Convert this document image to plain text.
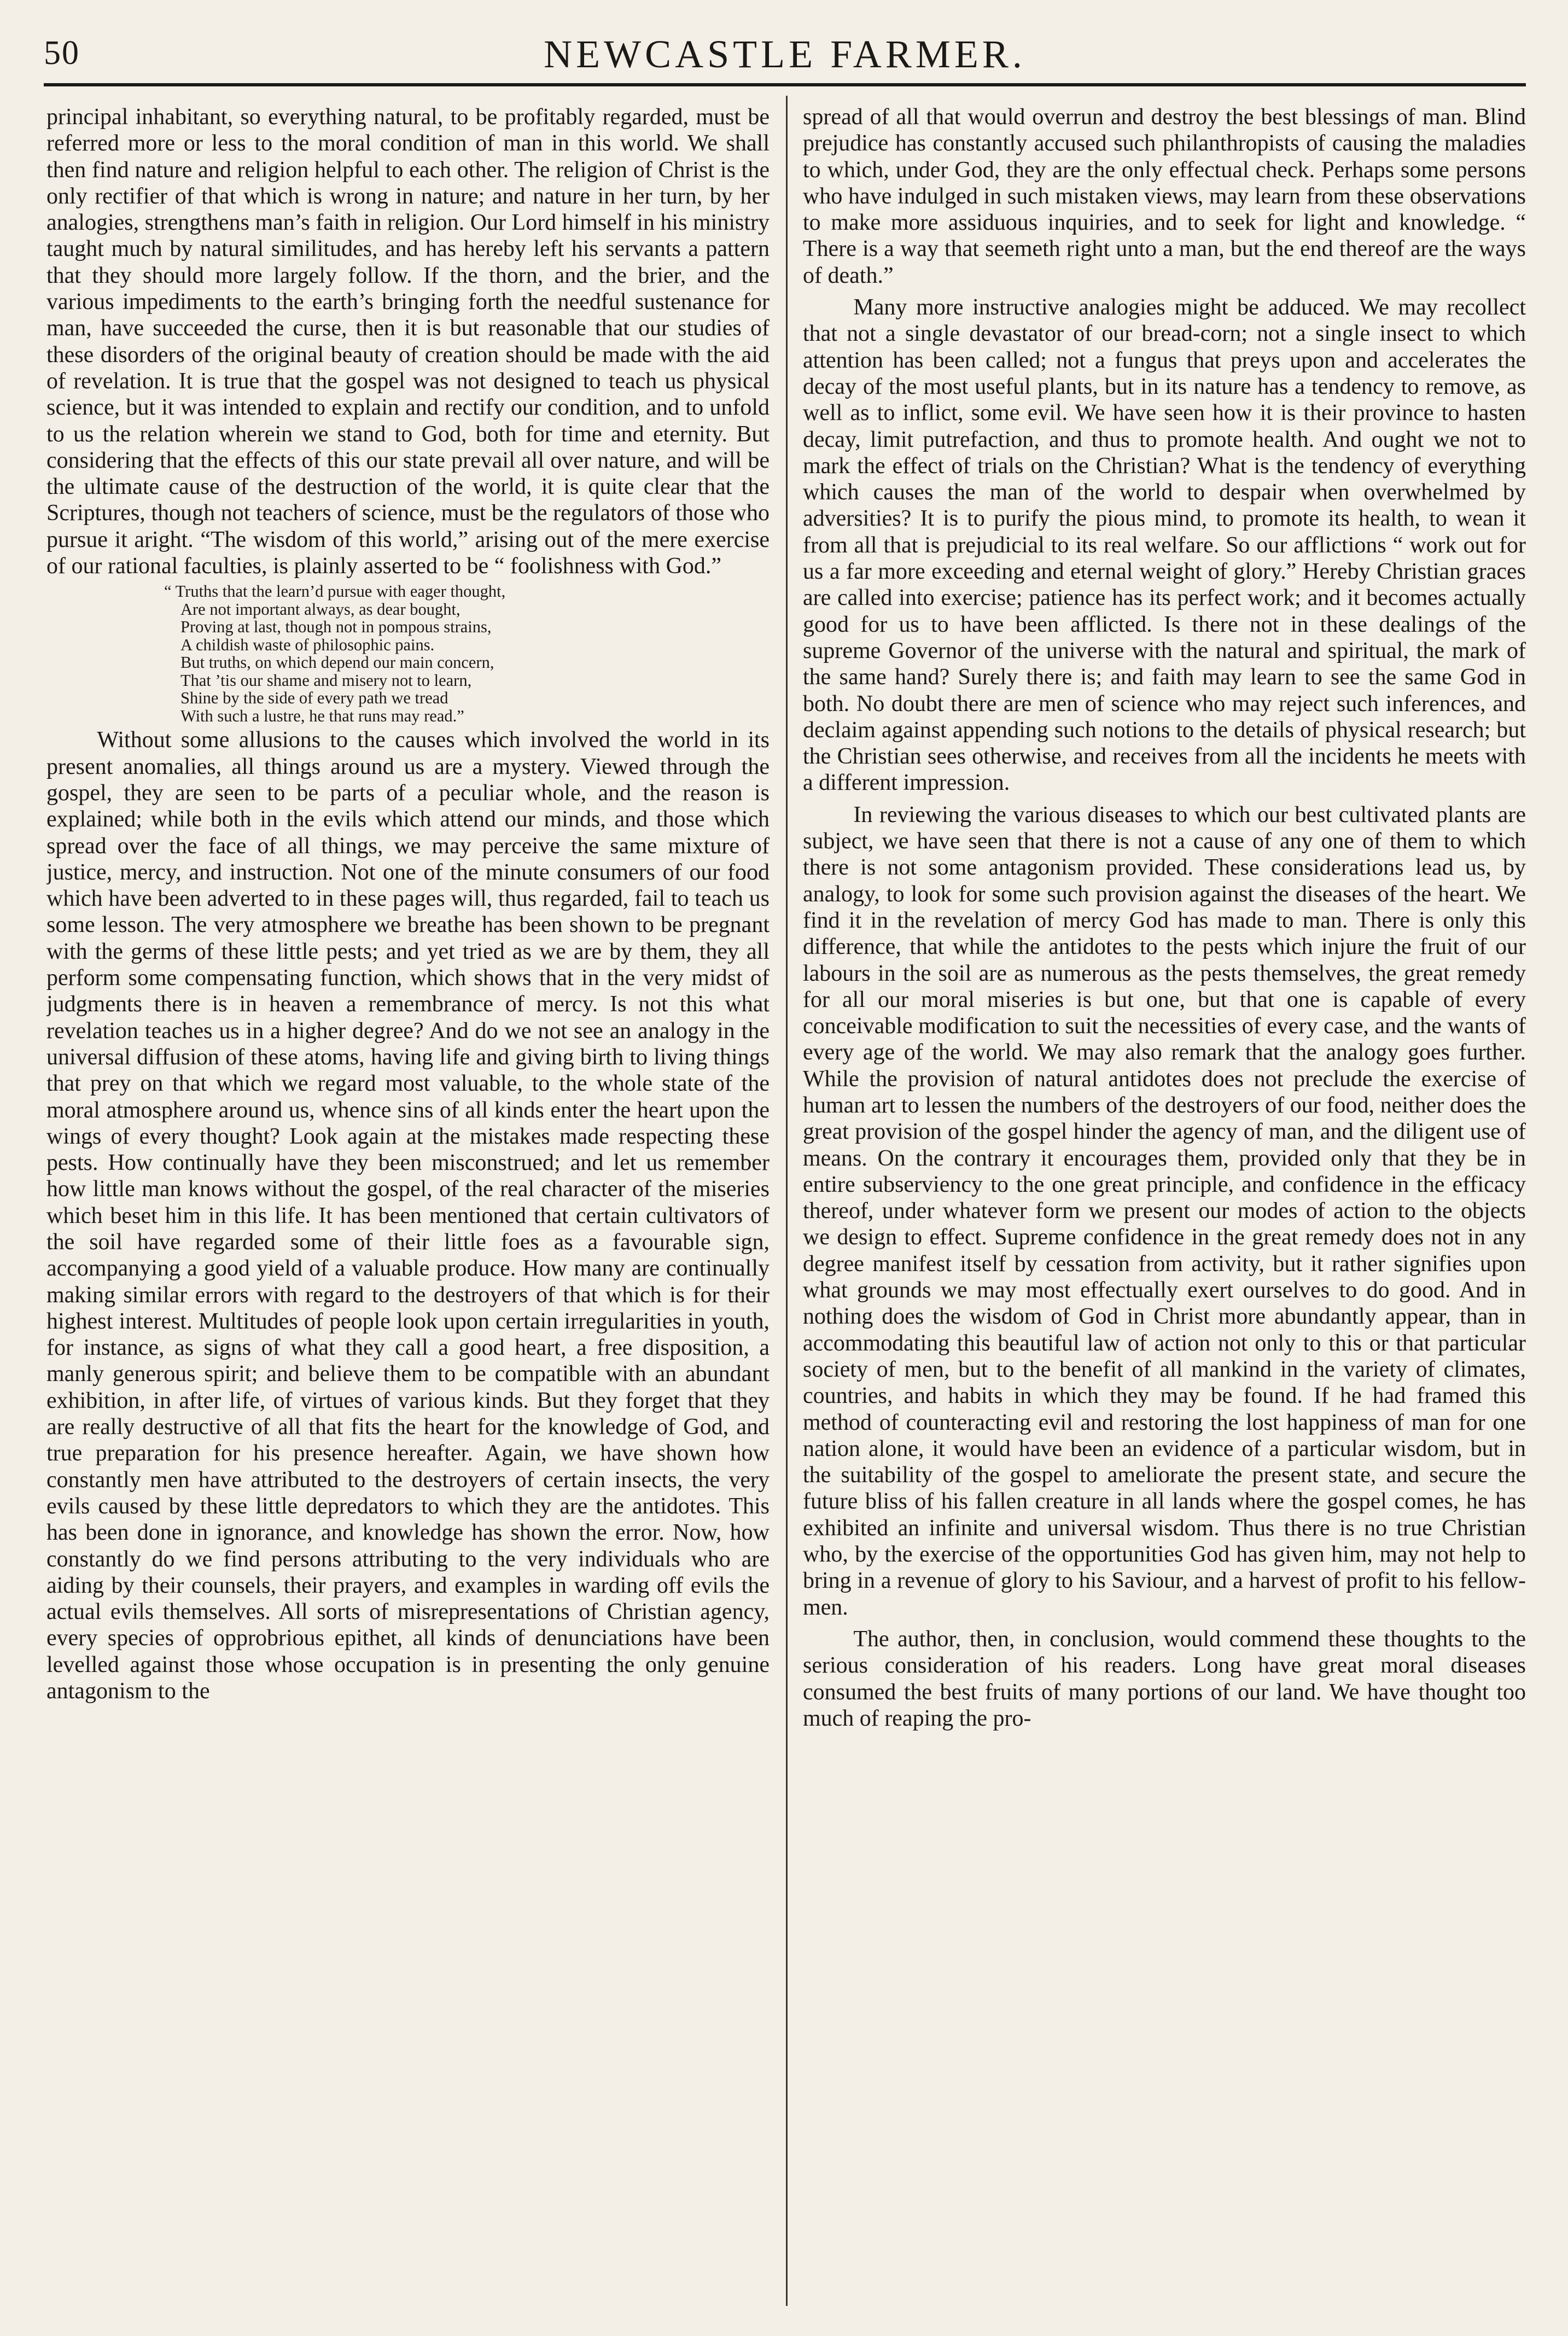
50	NEWCASTLE FARMER.

principal inhabitant, so everything natural, to be profitably regarded, must be referred more or less to the moral condition of man in this world. We shall then find nature and religion helpful to each other. The religion of Christ is the only rectifier of that which is wrong in nature; and nature in her turn, by her analogies, strengthens man’s faith in religion. Our Lord himself in his ministry taught much by natural similitudes, and has hereby left his servants a pattern that they should more largely follow. If the thorn, and the brier, and the various impediments to the earth’s bringing forth the needful sustenance for man, have succeeded the curse, then it is but reasonable that our studies of these disorders of the original beauty of creation should be made with the aid of revelation. It is true that the gospel was not designed to teach us physical science, but it was intended to explain and rectify our condition, and to unfold to us the relation wherein we stand to God, both for time and eternity. But considering that the effects of this our state prevail all over nature, and will be the ultimate cause of the destruction of the world, it is quite clear that the Scriptures, though not teachers of science, must be the regulators of those who pursue it aright. “The wisdom of this world,” arising out of the mere exercise of our rational faculties, is plainly asserted to be “ foolishness with God.”

“ Truths that the learn’d pursue with eager thought,
Are not important always, as dear bought,
Proving at last, though not in pompous strains,
A childish waste of philosophic pains.
But truths, on which depend our main concern,
That ’tis our shame and misery not to learn,
Shine by the side of every path we tread
With such a lustre, he that runs may read.”

Without some allusions to the causes which involved the world in its present anomalies, all things around us are a mystery. Viewed through the gospel, they are seen to be parts of a peculiar whole, and the reason is explained; while both in the evils which attend our minds, and those which spread over the face of all things, we may perceive the same mixture of justice, mercy, and instruction. Not one of the minute consumers of our food which have been adverted to in these pages will, thus regarded, fail to teach us some lesson. The very atmosphere we breathe has been shown to be pregnant with the germs of these little pests; and yet tried as we are by them, they all perform some compensating function, which shows that in the very midst of judgments there is in heaven a remembrance of mercy. Is not this what revelation teaches us in a higher degree? And do we not see an analogy in the universal diffusion of these atoms, having life and giving birth to living things that prey on that which we regard most valuable, to the whole state of the moral atmosphere around us, whence sins of all kinds enter the heart upon the wings of every thought? Look again at the mistakes made respecting these pests. How continually have they been misconstrued; and let us remember how little man knows without the gospel, of the real character of the miseries which beset him in this life. It has been mentioned that certain cultivators of the soil have regarded some of their little foes as a favourable sign, accompanying a good yield of a valuable produce. How many are continually making similar errors with regard to the destroyers of that which is for their highest interest. Multitudes of people look upon certain irregularities in youth, for instance, as signs of what they call a good heart, a free disposition, a manly generous spirit; and believe them to be compatible with an abundant exhibition, in after life, of virtues of various kinds. But they forget that they are really destructive of all that fits the heart for the knowledge of God, and true preparation for his presence hereafter. Again, we have shown how constantly men have attributed to the destroyers of certain insects, the very evils caused by these little depredators to which they are the antidotes. This has been done in ignorance, and knowledge has shown the error. Now, how constantly do we find persons attributing to the very individuals who are aiding by their counsels, their prayers, and examples in warding off evils the actual evils themselves. All sorts of misrepresentations of Christian agency, every species of opprobrious epithet, all kinds of denunciations have been levelled against those whose occupation is in presenting the only genuine antagonism to the

spread of all that would overrun and destroy the best blessings of man. Blind prejudice has constantly accused such philanthropists of causing the maladies to which, under God, they are the only effectual check. Perhaps some persons who have indulged in such mistaken views, may learn from these observations to make more assiduous inquiries, and to seek for light and knowledge. “ There is a way that seemeth right unto a man, but the end thereof are the ways of death.”

Many more instructive analogies might be adduced. We may recollect that not a single devastator of our bread-corn; not a single insect to which attention has been called; not a fungus that preys upon and accelerates the decay of the most useful plants, but in its nature has a tendency to remove, as well as to inflict, some evil. We have seen how it is their province to hasten decay, limit putrefaction, and thus to promote health. And ought we not to mark the effect of trials on the Christian? What is the tendency of everything which causes the man of the world to despair when overwhelmed by adversities? It is to purify the pious mind, to promote its health, to wean it from all that is prejudicial to its real welfare. So our afflictions “ work out for us a far more exceeding and eternal weight of glory.” Hereby Christian graces are called into exercise; patience has its perfect work; and it becomes actually good for us to have been afflicted. Is there not in these dealings of the supreme Governor of the universe with the natural and spiritual, the mark of the same hand? Surely there is; and faith may learn to see the same God in both. No doubt there are men of science who may reject such inferences, and declaim against appending such notions to the details of physical research; but the Christian sees otherwise, and receives from all the incidents he meets with a different impression.

In reviewing the various diseases to which our best cultivated plants are subject, we have seen that there is not a cause of any one of them to which there is not some antagonism provided. These considerations lead us, by analogy, to look for some such provision against the diseases of the heart. We find it in the revelation of mercy God has made to man. There is only this difference, that while the antidotes to the pests which injure the fruit of our labours in the soil are as numerous as the pests themselves, the great remedy for all our moral miseries is but one, but that one is capable of every conceivable modification to suit the necessities of every case, and the wants of every age of the world. We may also remark that the analogy goes further. While the provision of natural antidotes does not preclude the exercise of human art to lessen the numbers of the destroyers of our food, neither does the great provision of the gospel hinder the agency of man, and the diligent use of means. On the contrary it encourages them, provided only that they be in entire subserviency to the one great principle, and confidence in the efficacy thereof, under whatever form we present our modes of action to the objects we design to effect. Supreme confidence in the great remedy does not in any degree manifest itself by cessation from activity, but it rather signifies upon what grounds we may most effectually exert ourselves to do good. And in nothing does the wisdom of God in Christ more abundantly appear, than in accommodating this beautiful law of action not only to this or that particular society of men, but to the benefit of all mankind in the variety of climates, countries, and habits in which they may be found. If he had framed this method of counteracting evil and restoring the lost happiness of man for one nation alone, it would have been an evidence of a particular wisdom, but in the suitability of the gospel to ameliorate the present state, and secure the future bliss of his fallen creature in all lands where the gospel comes, he has exhibited an infinite and universal wisdom. Thus there is no true Christian who, by the exercise of the opportunities God has given him, may not help to bring in a revenue of glory to his Saviour, and a harvest of profit to his fellow-men.

The author, then, in conclusion, would commend these thoughts to the serious consideration of his readers. Long have great moral diseases consumed the best fruits of many portions of our land. We have thought too much of reaping the pro-
